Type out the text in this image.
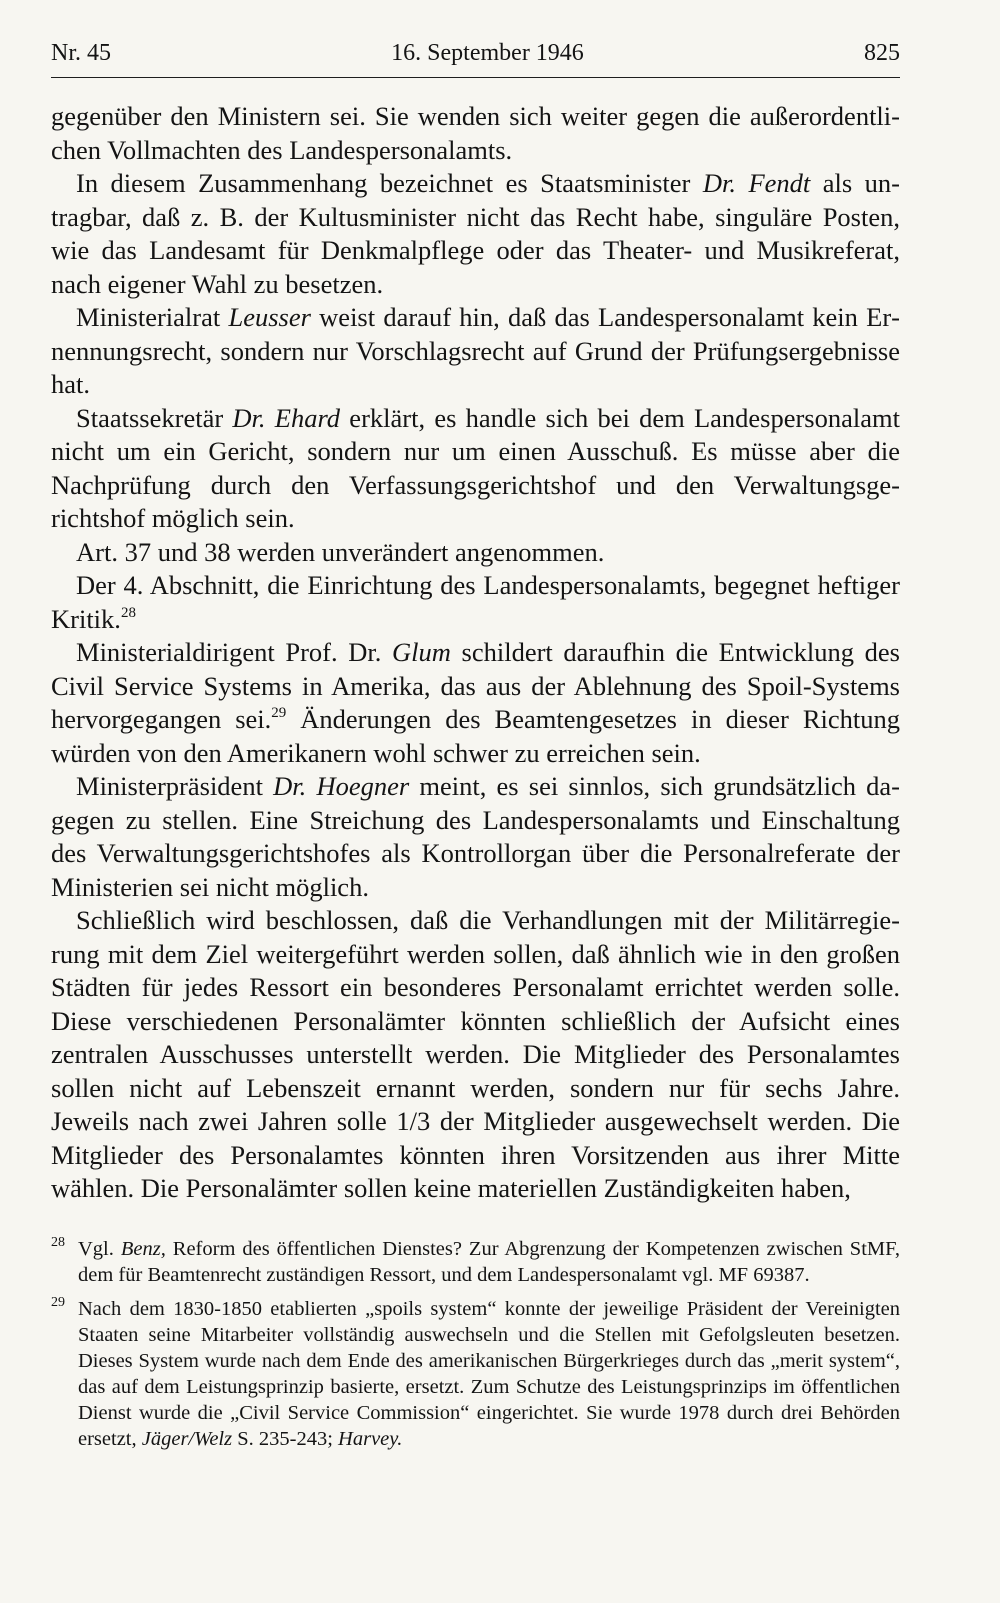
Nr. 45	16. September 1946	825

gegenüber den Ministern sei. Sie wenden sich weiter gegen die außerordentlichen Vollmachten des Landespersonalamts.

In diesem Zusammenhang bezeichnet es Staatsminister Dr. Fendt als untragbar, daß z. B. der Kultusminister nicht das Recht habe, singuläre Posten, wie das Landesamt für Denkmalpflege oder das Theater- und Musikreferat, nach eigener Wahl zu besetzen.

Ministerialrat Leusser weist darauf hin, daß das Landespersonalamt kein Ernennungsrecht, sondern nur Vorschlagsrecht auf Grund der Prüfungsergebnisse hat.

Staatssekretär Dr. Ehard erklärt, es handle sich bei dem Landespersonalamt nicht um ein Gericht, sondern nur um einen Ausschuß. Es müsse aber die Nachprüfung durch den Verfassungsgerichtshof und den Verwaltungsgerichtshof möglich sein.

Art. 37 und 38 werden unverändert angenommen.

Der 4. Abschnitt, die Einrichtung des Landespersonalamts, begegnet heftiger Kritik.$^{28}$

Ministerialdirigent Prof. Dr. Glum schildert daraufhin die Entwicklung des Civil Service Systems in Amerika, das aus der Ablehnung des Spoil-Systems hervorgegangen sei.$^{29}$ Änderungen des Beamtengesetzes in dieser Richtung würden von den Amerikanern wohl schwer zu erreichen sein.

Ministerpräsident Dr. Hoegner meint, es sei sinnlos, sich grundsätzlich dagegen zu stellen. Eine Streichung des Landespersonalamts und Einschaltung des Verwaltungsgerichtshofes als Kontrollorgan über die Personalreferate der Ministerien sei nicht möglich.

Schließlich wird beschlossen, daß die Verhandlungen mit der Militärregierung mit dem Ziel weitergeführt werden sollen, daß ähnlich wie in den großen Städten für jedes Ressort ein besonderes Personalamt errichtet werden solle. Diese verschiedenen Personalämter könnten schließlich der Aufsicht eines zentralen Ausschusses unterstellt werden. Die Mitglieder des Personalamtes sollen nicht auf Lebenszeit ernannt werden, sondern nur für sechs Jahre. Jeweils nach zwei Jahren solle 1/3 der Mitglieder ausgewechselt werden. Die Mitglieder des Personalamtes könnten ihren Vorsitzenden aus ihrer Mitte wählen. Die Personalämter sollen keine materiellen Zuständigkeiten haben,

28 Vgl. Benz, Reform des öffentlichen Dienstes? Zur Abgrenzung der Kompetenzen zwischen StMF, dem für Beamtenrecht zuständigen Ressort, und dem Landespersonalamt vgl. MF 69387.

29 Nach dem 1830-1850 etablierten „spoils system“ konnte der jeweilige Präsident der Vereinigten Staaten seine Mitarbeiter vollständig auswechseln und die Stellen mit Gefolgsleuten besetzen. Dieses System wurde nach dem Ende des amerikanischen Bürgerkrieges durch das „merit system“, das auf dem Leistungsprinzip basierte, ersetzt. Zum Schutze des Leistungsprinzips im öffentlichen Dienst wurde die „Civil Service Commission“ eingerichtet. Sie wurde 1978 durch drei Behörden ersetzt, Jäger/Welz S. 235-243; Harvey.
